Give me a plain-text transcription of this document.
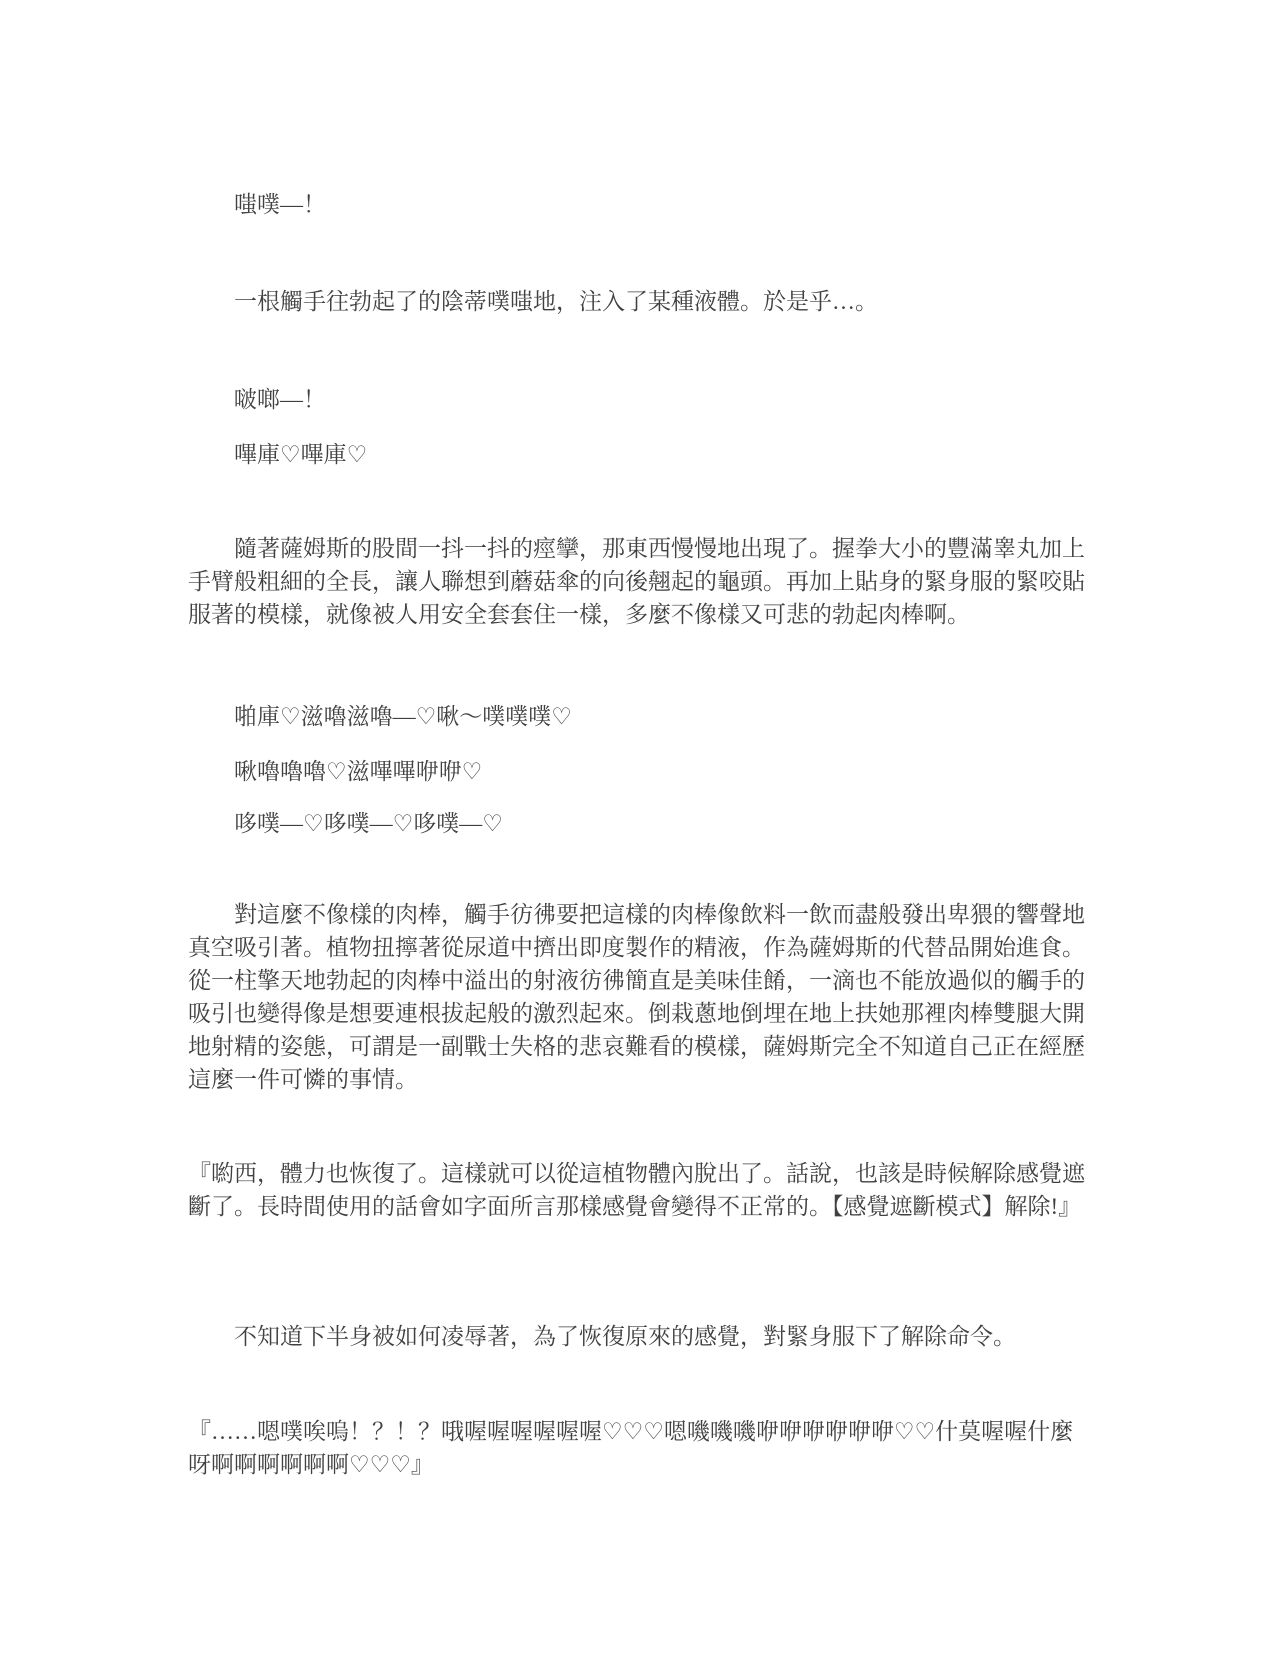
嗤噗—！

一根觸手往勃起了的陰蒂噗嗤地，注入了某種液體。於是乎…。

啵啷—！

嗶庫♡嗶庫♡

隨著薩姆斯的股間一抖一抖的痙攣，那東西慢慢地出現了。握拳大小的豐滿睾丸加上手臂般粗細的全長，讓人聯想到蘑菇傘的向後翹起的龜頭。再加上貼身的緊身服的緊咬貼服著的模樣，就像被人用安全套套住一樣，多麼不像樣又可悲的勃起肉棒啊。

啪庫♡滋嚕滋嚕—♡啾～噗噗噗♡

啾嚕嚕嚕♡滋嗶嗶咿咿♡

哆噗—♡哆噗—♡哆噗—♡

對這麼不像樣的肉棒，觸手彷彿要把這樣的肉棒像飲料一飲而盡般發出卑猥的響聲地真空吸引著。植物扭擰著從尿道中擠出即度製作的精液，作為薩姆斯的代替品開始進食。從一柱擎天地勃起的肉棒中溢出的射液彷彿簡直是美味佳餚，一滴也不能放過似的觸手的吸引也變得像是想要連根拔起般的激烈起來。倒栽蔥地倒埋在地上扶她那裡肉棒雙腿大開地射精的姿態，可謂是一副戰士失格的悲哀難看的模樣，薩姆斯完全不知道自己正在經歷這麼一件可憐的事情。

『喲西，體力也恢復了。這樣就可以從這植物體內脫出了。話說，也該是時候解除感覺遮斷了。長時間使用的話會如字面所言那樣感覺會變得不正常的。【感覺遮斷模式】解除!』

不知道下半身被如何凌辱著，為了恢復原來的感覺，對緊身服下了解除命令。

『……嗯噗唉嗚！？！？哦喔喔喔喔喔喔♡♡♡嗯嘰嘰嘰咿咿咿咿咿咿♡♡什莫喔喔什麼呀啊啊啊啊啊啊♡♡♡』
